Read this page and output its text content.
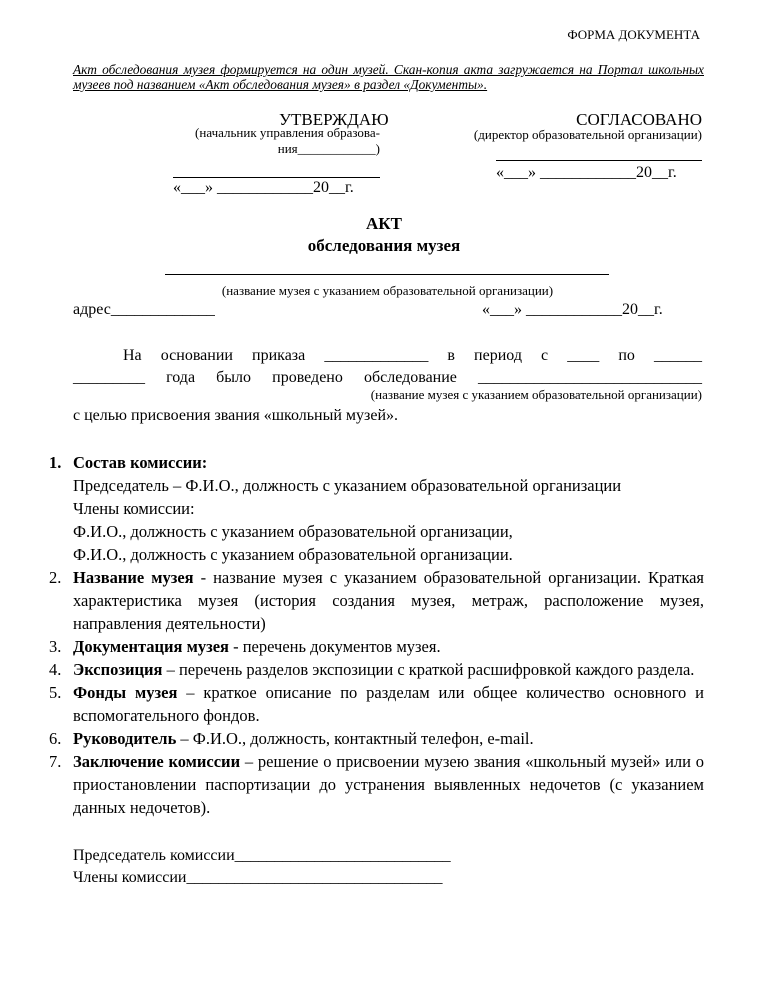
ФОРМА ДОКУМЕНТА
Акт обследования музея формируется на один музей. Скан-копия акта загружается на Портал школьных музеев под названием «Акт обследования музея» в раздел «Документы».
УТВЕРЖДАЮ
(начальник управления образова-
ния____________)
«___» ____________20__г.
СОГЛАСОВАНО
(директор образовательной организации)
«___» ____________20__г.
АКТ
обследования музея
(название музея с указанием образовательной организации)
адрес_____________	«___» ____________20__г.
На основании приказа _____________ в период с ____ по ______
_________ года было проведено обследование ____________________________
(название музея с указанием образовательной организации)
с целью присвоения звания «школьный музей».
1. Состав комиссии:
Председатель – Ф.И.О., должность с указанием образовательной организации
Члены комиссии:
Ф.И.О., должность с указанием образовательной организации,
Ф.И.О., должность с указанием образовательной организации.
2. Название музея - название музея с указанием образовательной организации. Краткая характеристика музея (история создания музея, метраж, расположение музея, направления деятельности)
3. Документация музея - перечень документов музея.
4. Экспозиция – перечень разделов экспозиции с краткой расшифровкой каждого раздела.
5. Фонды музея – краткое описание по разделам или общее количество основного и вспомогательного фондов.
6. Руководитель – Ф.И.О., должность, контактный телефон, e-mail.
7. Заключение комиссии – решение о присвоении музею звания «школьный музей» или о приостановлении паспортизации до устранения выявленных недочетов (с указанием данных недочетов).
Председатель комиссии___________________________
Члены комиссии________________________________
